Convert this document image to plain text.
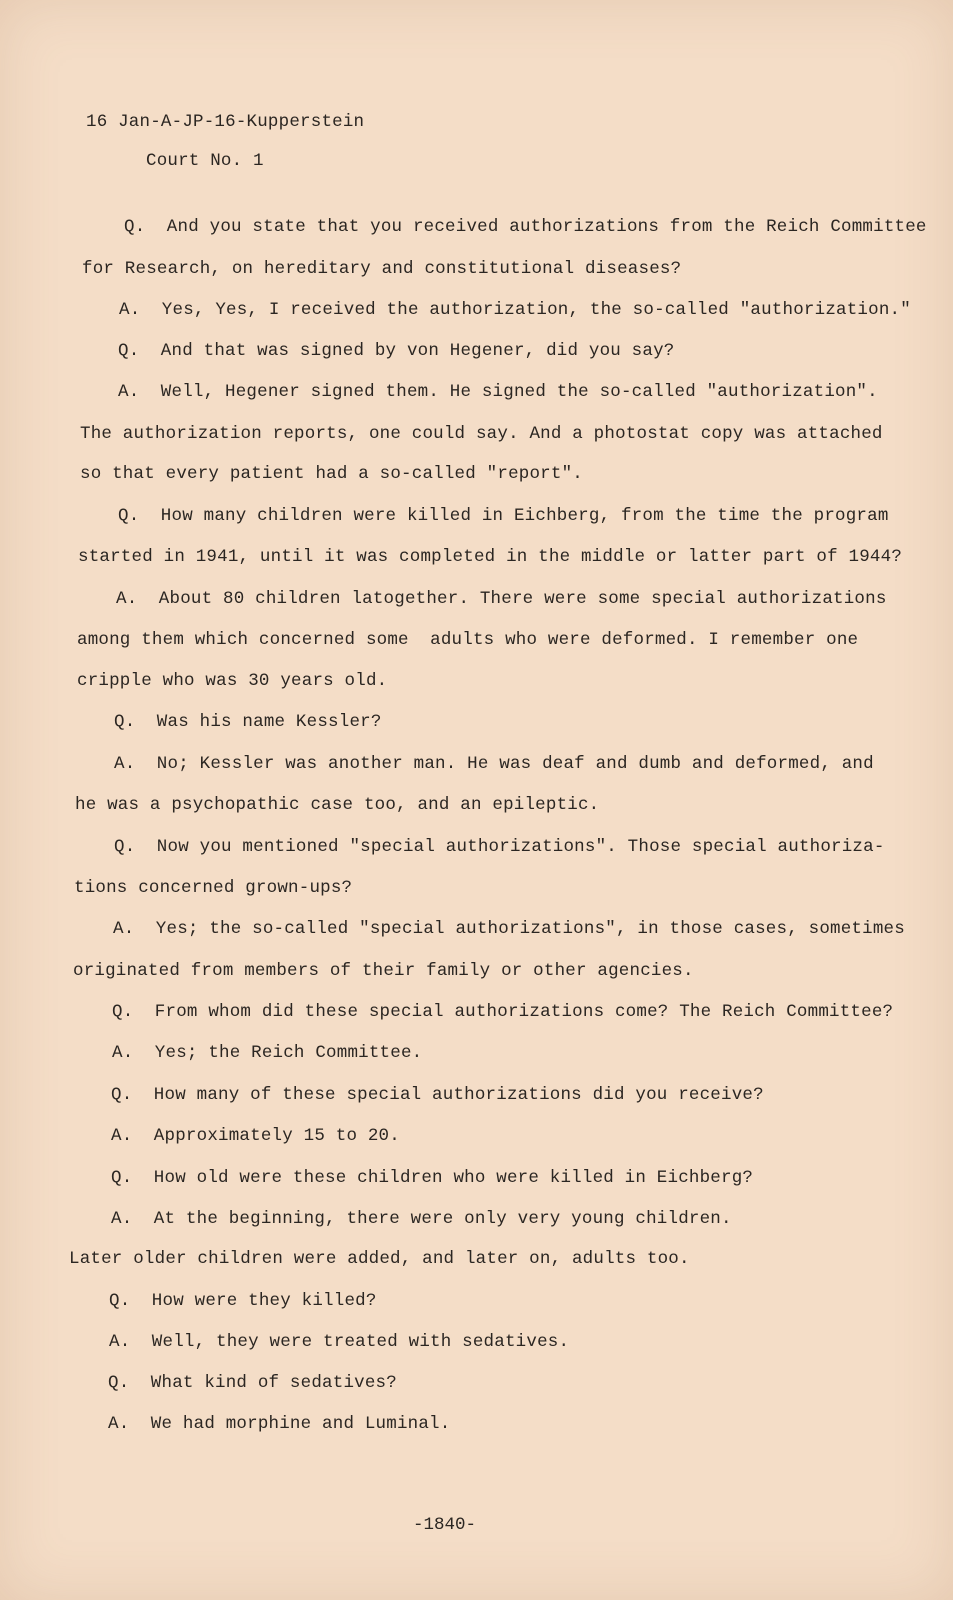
16 Jan-A-JP-16-Kupperstein
Court No. 1
Q.  And you state that you received authorizations from the Reich Committee
for Research, on hereditary and constitutional diseases?
A.  Yes, Yes, I received the authorization, the so-called "authorization."
Q.  And that was signed by von Hegener, did you say?
A.  Well, Hegener signed them. He signed the so-called "authorization".
The authorization reports, one could say. And a photostat copy was attached
so that every patient had a so-called "report".
Q.  How many children were killed in Eichberg, from the time the program
started in 1941, until it was completed in the middle or latter part of 1944?
A.  About 80 children latogether. There were some special authorizations
among them which concerned some  adults who were deformed. I remember one
cripple who was 30 years old.
Q.  Was his name Kessler?
A.  No; Kessler was another man. He was deaf and dumb and deformed, and
he was a psychopathic case too, and an epileptic.
Q.  Now you mentioned "special authorizations". Those special authoriza-
tions concerned grown-ups?
A.  Yes; the so-called "special authorizations", in those cases, sometimes
originated from members of their family or other agencies.
Q.  From whom did these special authorizations come? The Reich Committee?
A.  Yes; the Reich Committee.
Q.  How many of these special authorizations did you receive?
A.  Approximately 15 to 20.
Q.  How old were these children who were killed in Eichberg?
A.  At the beginning, there were only very young children.
Later older children were added, and later on, adults too.
Q.  How were they killed?
A.  Well, they were treated with sedatives.
Q.  What kind of sedatives?
A.  We had morphine and Luminal.
-1840-
